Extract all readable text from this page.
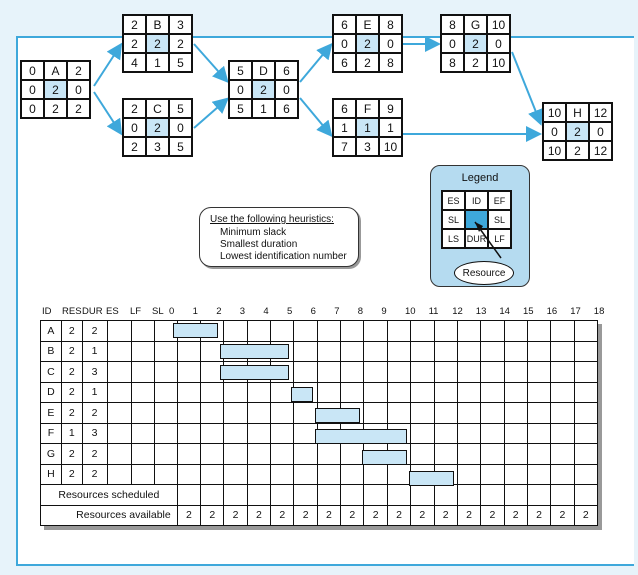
0	A	2
0	2	0
0	2	2
2	B	3
2	2	2
4	1	5
2	C	5
0	2	0
2	3	5
5	D	6
0	2	0
5	1	6
6	E	8
0	2	0
6	2	8
6	F	9
1	1	1
7	3	10
8	G 10
0	2	0
8	2	10
10 H 12
0	2	0
10	2	12
Use the following heuristics:
Minimum slack
Smallest duration
Lowest identification number
Legend
ES	ID	EF
SL	SL
LS DUR LF
Resource
ID RES DUR ES LF SL 0 1 2 3 4 5 6 7 8 9 10 11 12 13 14 15 16 17 18
A	2	2																					
B	2	1																					
C	2	3																					
D	2	1																					
E	2	2																					
F	1	3																					
G	2	2																					
H	2	2																					
Resources scheduled																							
Resources available						2	2	2	2	2	2	2	2	2	2	2	2	2	2	2	2	2	2
